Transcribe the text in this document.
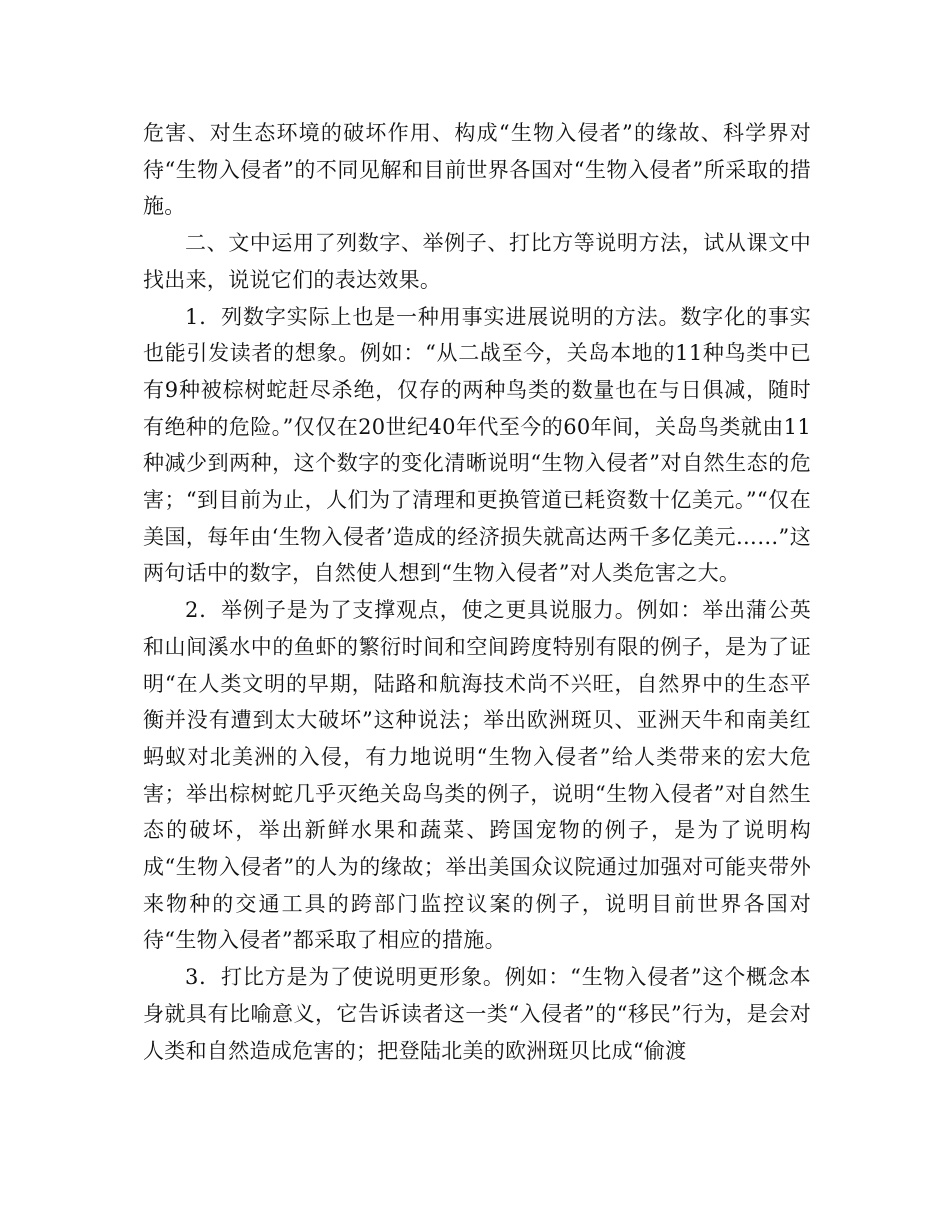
危害、对生态环境的破坏作用、构成“生物入侵者”的缘故、科学界对待“生物入侵者”的不同见解和目前世界各国对“生物入侵者”所采取的措施。

二、文中运用了列数字、举例子、打比方等说明方法，试从课文中找出来，说说它们的表达效果。

1．列数字实际上也是一种用事实进展说明的方法。数字化的事实也能引发读者的想象。例如：“从二战至今，关岛本地的11种鸟类中已有9种被棕树蛇赶尽杀绝，仅存的两种鸟类的数量也在与日俱减，随时有绝种的危险。”仅仅在20世纪40年代至今的60年间，关岛鸟类就由11种减少到两种，这个数字的变化清晰说明“生物入侵者”对自然生态的危害；“到目前为止，人们为了清理和更换管道已耗资数十亿美元。”“仅在美国，每年由‘生物入侵者’造成的经济损失就高达两千多亿美元……”这两句话中的数字，自然使人想到“生物入侵者”对人类危害之大。

2．举例子是为了支撑观点，使之更具说服力。例如：举出蒲公英和山间溪水中的鱼虾的繁衍时间和空间跨度特别有限的例子，是为了证明“在人类文明的早期，陆路和航海技术尚不兴旺，自然界中的生态平衡并没有遭到太大破坏”这种说法；举出欧洲斑贝、亚洲天牛和南美红蚂蚁对北美洲的入侵，有力地说明“生物入侵者”给人类带来的宏大危害；举出棕树蛇几乎灭绝关岛鸟类的例子，说明“生物入侵者”对自然生态的破坏，举出新鲜水果和蔬菜、跨国宠物的例子，是为了说明构成“生物入侵者”的人为的缘故；举出美国众议院通过加强对可能夹带外来物种的交通工具的跨部门监控议案的例子，说明目前世界各国对待“生物入侵者”都采取了相应的措施。

3．打比方是为了使说明更形象。例如：“生物入侵者”这个概念本身就具有比喻意义，它告诉读者这一类“入侵者”的“移民”行为，是会对人类和自然造成危害的；把登陆北美的欧洲斑贝比成“偷渡
